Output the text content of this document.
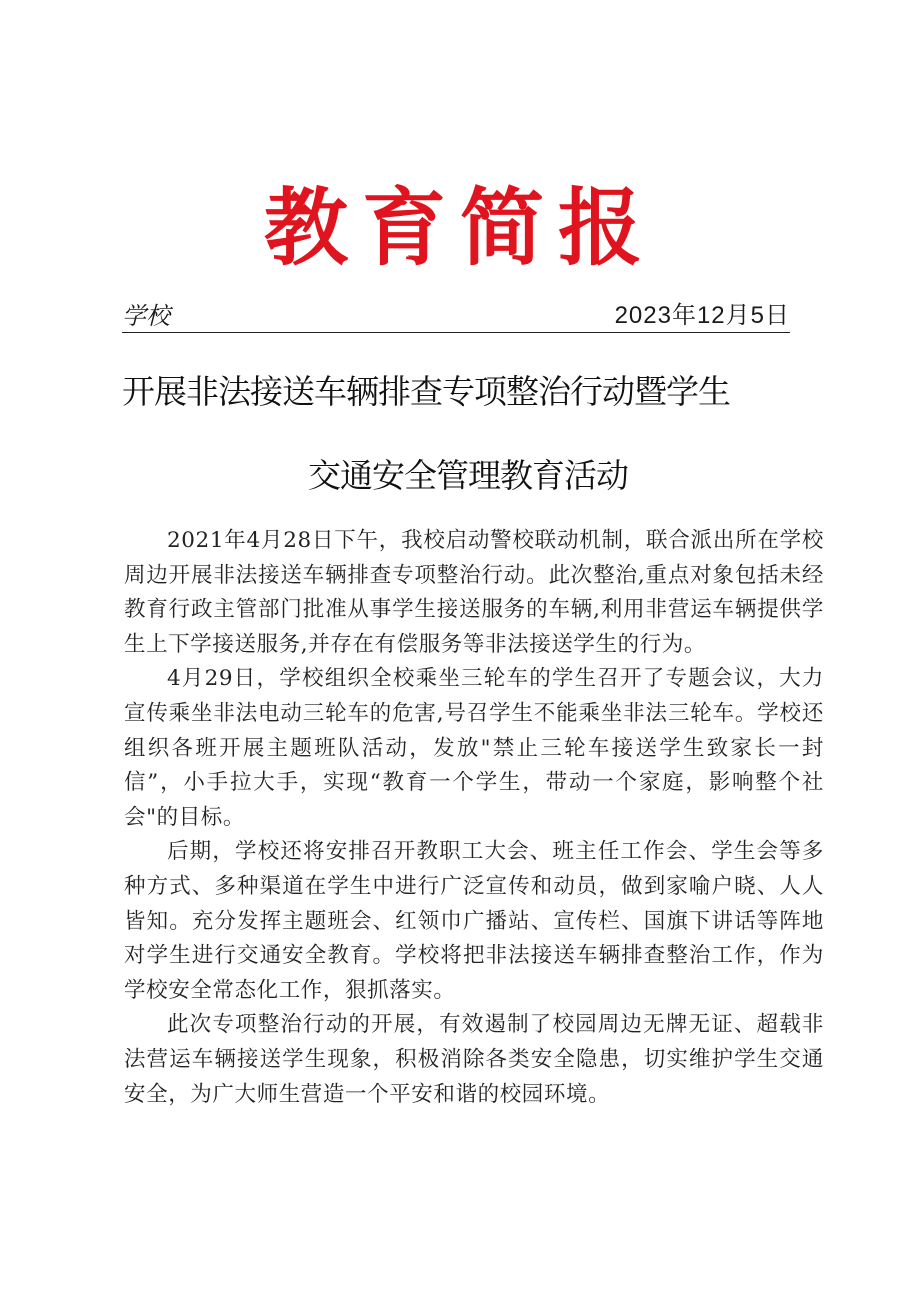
教育简报
学校	2023年12月5日
开展非法接送车辆排查专项整治行动暨学生
交通安全管理教育活动

2021年4月28日下午，我校启动警校联动机制，联合派出所在学校周边开展非法接送车辆排查专项整治行动。此次整治,重点对象包括未经教育行政主管部门批准从事学生接送服务的车辆,利用非营运车辆提供学生上下学接送服务,并存在有偿服务等非法接送学生的行为。

4月29日，学校组织全校乘坐三轮车的学生召开了专题会议，大力宣传乘坐非法电动三轮车的危害,号召学生不能乘坐非法三轮车。学校还组织各班开展主题班队活动，发放"禁止三轮车接送学生致家长一封信”，小手拉大手，实现“教育一个学生，带动一个家庭，影响整个社会"的目标。

后期，学校还将安排召开教职工大会、班主任工作会、学生会等多种方式、多种渠道在学生中进行广泛宣传和动员，做到家喻户晓、人人皆知。充分发挥主题班会、红领巾广播站、宣传栏、国旗下讲话等阵地对学生进行交通安全教育。学校将把非法接送车辆排查整治工作，作为学校安全常态化工作，狠抓落实。

此次专项整治行动的开展，有效遏制了校园周边无牌无证、超载非法营运车辆接送学生现象，积极消除各类安全隐患，切实维护学生交通安全，为广大师生营造一个平安和谐的校园环境。
